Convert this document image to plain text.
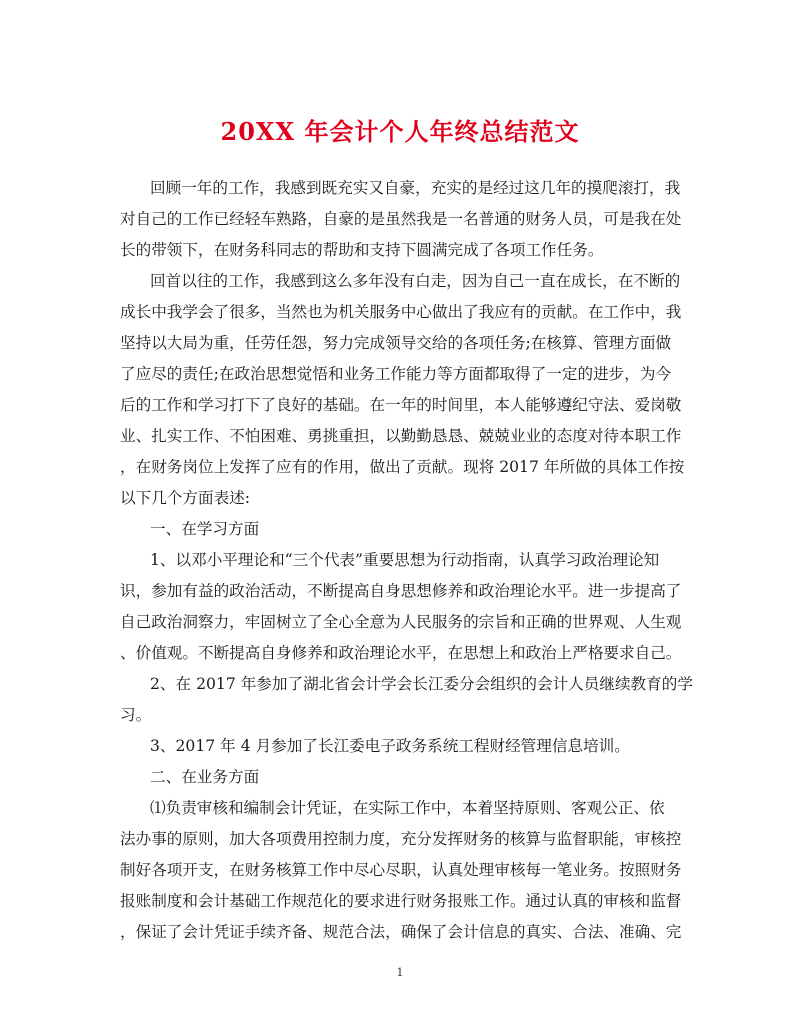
20XX 年会计个人年终总结范文
回顾一年的工作，我感到既充实又自豪，充实的是经过这几年的摸爬滚打，我
对自己的工作已经轻车熟路，自豪的是虽然我是一名普通的财务人员，可是我在处
长的带领下，在财务科同志的帮助和支持下圆满完成了各项工作任务。
回首以往的工作，我感到这么多年没有白走，因为自己一直在成长，在不断的
成长中我学会了很多，当然也为机关服务中心做出了我应有的贡献。在工作中，我
坚持以大局为重，任劳任怨，努力完成领导交给的各项任务;在核算、管理方面做
了应尽的责任;在政治思想觉悟和业务工作能力等方面都取得了一定的进步，为今
后的工作和学习打下了良好的基础。在一年的时间里，本人能够遵纪守法、爱岗敬
业、扎实工作、不怕困难、勇挑重担，以勤勤恳恳、兢兢业业的态度对待本职工作
，在财务岗位上发挥了应有的作用，做出了贡献。现将 2017 年所做的具体工作按
以下几个方面表述:
一、在学习方面
1、以邓小平理论和“三个代表”重要思想为行动指南，认真学习政治理论知
识，参加有益的政治活动，不断提高自身思想修养和政治理论水平。进一步提高了
自己政治洞察力，牢固树立了全心全意为人民服务的宗旨和正确的世界观、人生观
、价值观。不断提高自身修养和政治理论水平，在思想上和政治上严格要求自己。
2、在 2017 年参加了湖北省会计学会长江委分会组织的会计人员继续教育的学
习。
3、2017 年 4 月参加了长江委电子政务系统工程财经管理信息培训。
二、在业务方面
⑴负责审核和编制会计凭证，在实际工作中，本着坚持原则、客观公正、依
法办事的原则，加大各项费用控制力度，充分发挥财务的核算与监督职能，审核控
制好各项开支，在财务核算工作中尽心尽职，认真处理审核每一笔业务。按照财务
报账制度和会计基础工作规范化的要求进行财务报账工作。通过认真的审核和监督
，保证了会计凭证手续齐备、规范合法，确保了会计信息的真实、合法、准确、完
1
